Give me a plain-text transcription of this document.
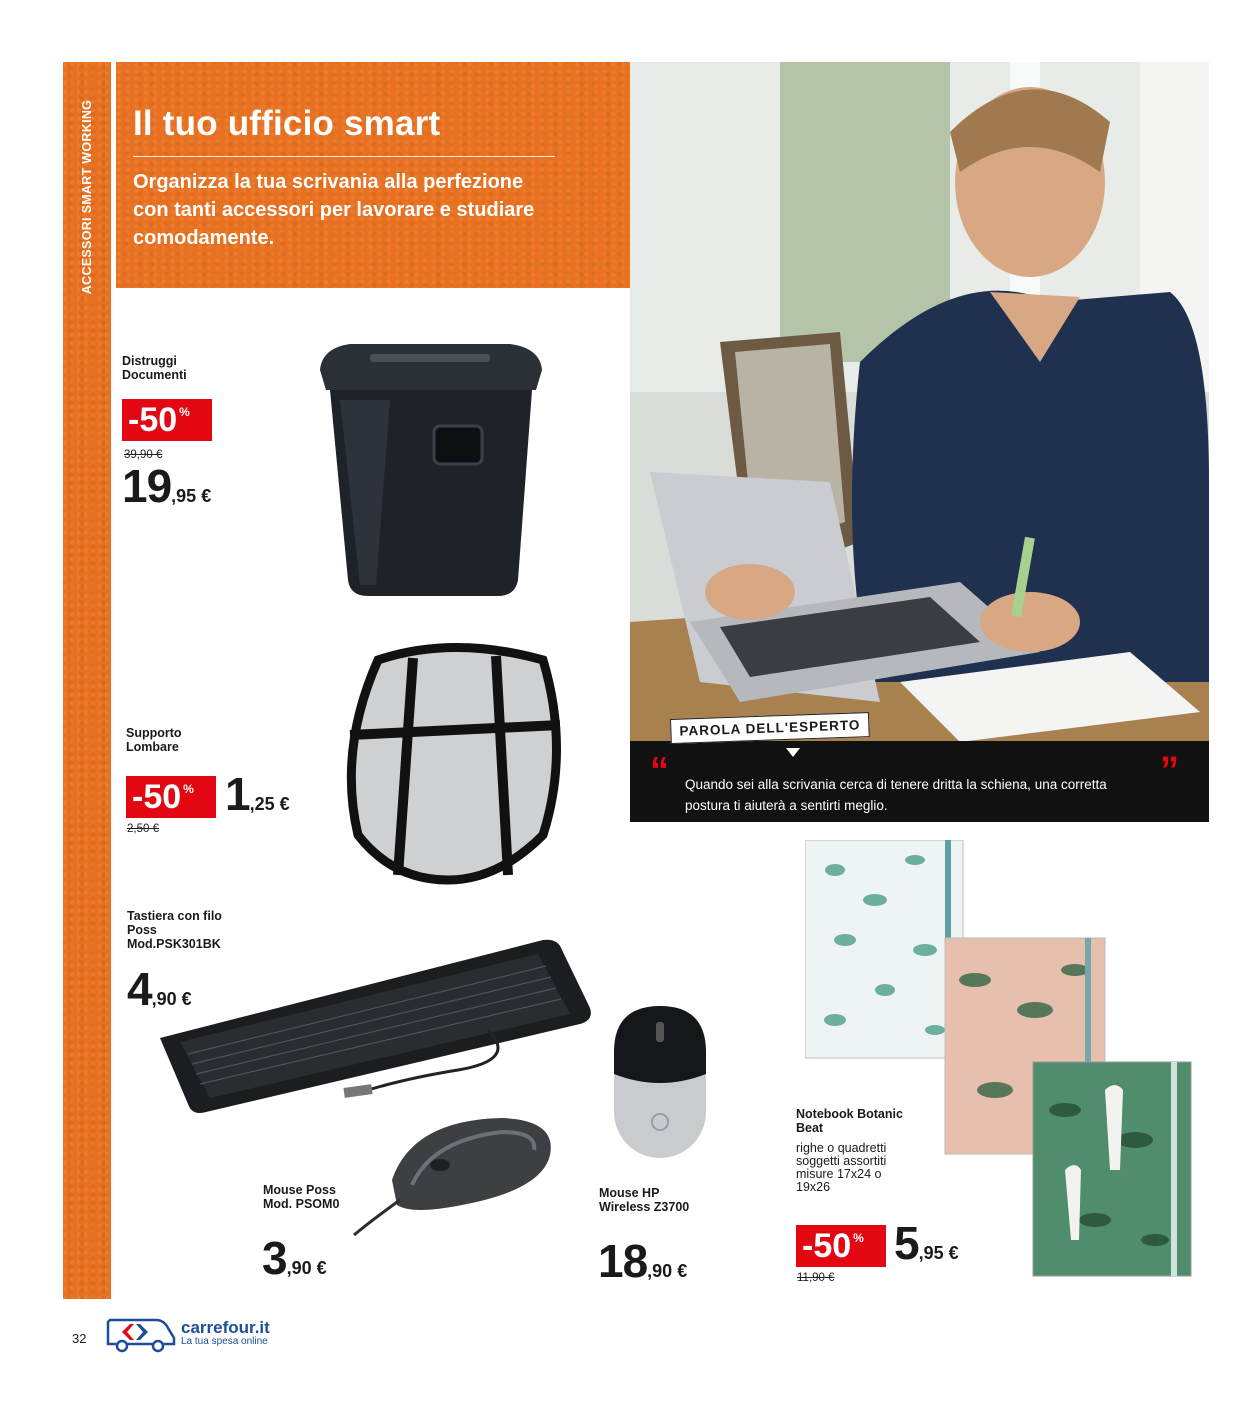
ACCESSORI SMART WORKING Il tuo ufficio smart
Organizza la tua scrivania alla perfezione
con tanti accessori per lavorare e studiare
comodamente.
PAROLA DELL'ESPERTO
“	”
Quando sei alla scrivania cerca di tenere dritta la schiena, una corretta postura ti aiuterà a sentirti meglio.
Distruggi
Documenti
-50 %
39,90 €
19,95 €
Supporto
Lombare
-50 %
2,50 €
1,25 €
Tastiera con filo
Poss
Mod.PSK301BK
4,90 €
Mouse Poss
Mod. PSOM0
3,90 €
Mouse HP
Wireless Z3700
18,90 €
Notebook Botanic
Beat
righe o quadretti
soggetti assortiti
misure 17x24 o
19x26
-50 %
11,90 €
5,95 €
32
carrefour.it
La tua spesa online
